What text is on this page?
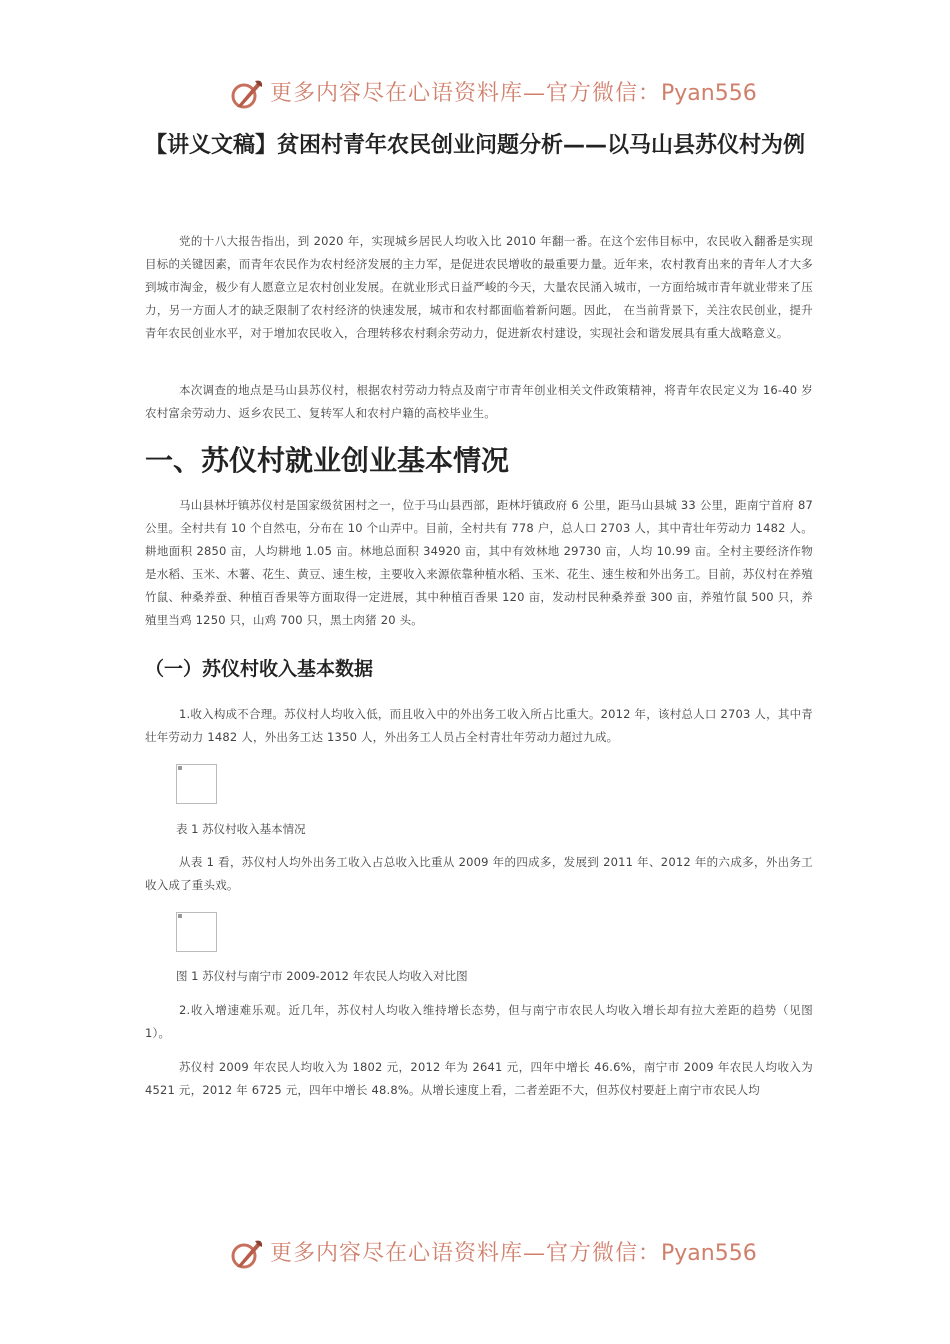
更多内容尽在心语资料库—官方微信：Pyan556
【讲义文稿】贫困村青年农民创业问题分析——以马山县苏仪村为例
党的十八大报告指出，到 2020 年，实现城乡居民人均收入比 2010 年翻一番。在这个宏伟目标中，农民收入翻番是实现目标的关键因素，而青年农民作为农村经济发展的主力军，是促进农民增收的最重要力量。近年来，农村教育出来的青年人才大多到城市淘金，极少有人愿意立足农村创业发展。在就业形式日益严峻的今天，大量农民涌入城市，一方面给城市青年就业带来了压力，另一方面人才的缺乏限制了农村经济的快速发展，城市和农村都面临着新问题。因此， 在当前背景下，关注农民创业，提升青年农民创业水平，对于增加农民收入，合理转移农村剩余劳动力，促进新农村建设，实现社会和谐发展具有重大战略意义。
本次调查的地点是马山县苏仪村，根据农村劳动力特点及南宁市青年创业相关文件政策精神，将青年农民定义为 16-40 岁农村富余劳动力、返乡农民工、复转军人和农村户籍的高校毕业生。
一、苏仪村就业创业基本情况
马山县林圩镇苏仪村是国家级贫困村之一，位于马山县西部，距林圩镇政府 6 公里，距马山县城 33 公里，距南宁首府 87 公里。全村共有 10 个自然屯，分布在 10 个山弄中。目前，全村共有 778 户，总人口 2703 人，其中青壮年劳动力 1482 人。耕地面积 2850 亩，人均耕地 1.05 亩。林地总面积 34920 亩，其中有效林地 29730 亩，人均 10.99 亩。全村主要经济作物是水稻、玉米、木薯、花生、黄豆、速生桉，主要收入来源依靠种植水稻、玉米、花生、速生桉和外出务工。目前，苏仪村在养殖竹鼠、种桑养蚕、种植百香果等方面取得一定进展，其中种植百香果 120 亩，发动村民种桑养蚕 300 亩，养殖竹鼠 500 只，养殖里当鸡 1250 只，山鸡 700 只，黑土肉猪 20 头。
（一）苏仪村收入基本数据
1.收入构成不合理。苏仪村人均收入低，而且收入中的外出务工收入所占比重大。2012 年，该村总人口 2703 人，其中青壮年劳动力 1482 人，外出务工达 1350 人，外出务工人员占全村青壮年劳动力超过九成。
表 1 苏仪村收入基本情况
从表 1 看，苏仪村人均外出务工收入占总收入比重从 2009 年的四成多，发展到 2011 年、2012 年的六成多，外出务工收入成了重头戏。
图 1 苏仪村与南宁市 2009-2012 年农民人均收入对比图
2.收入增速难乐观。近几年，苏仪村人均收入维持增长态势，但与南宁市农民人均收入增长却有拉大差距的趋势（见图 1）。
苏仪村 2009 年农民人均收入为 1802 元，2012 年为 2641 元，四年中增长 46.6%，南宁市 2009 年农民人均收入为 4521 元，2012 年 6725 元，四年中增长 48.8%。从增长速度上看，二者差距不大，但苏仪村要赶上南宁市农民人均
更多内容尽在心语资料库—官方微信：Pyan556
